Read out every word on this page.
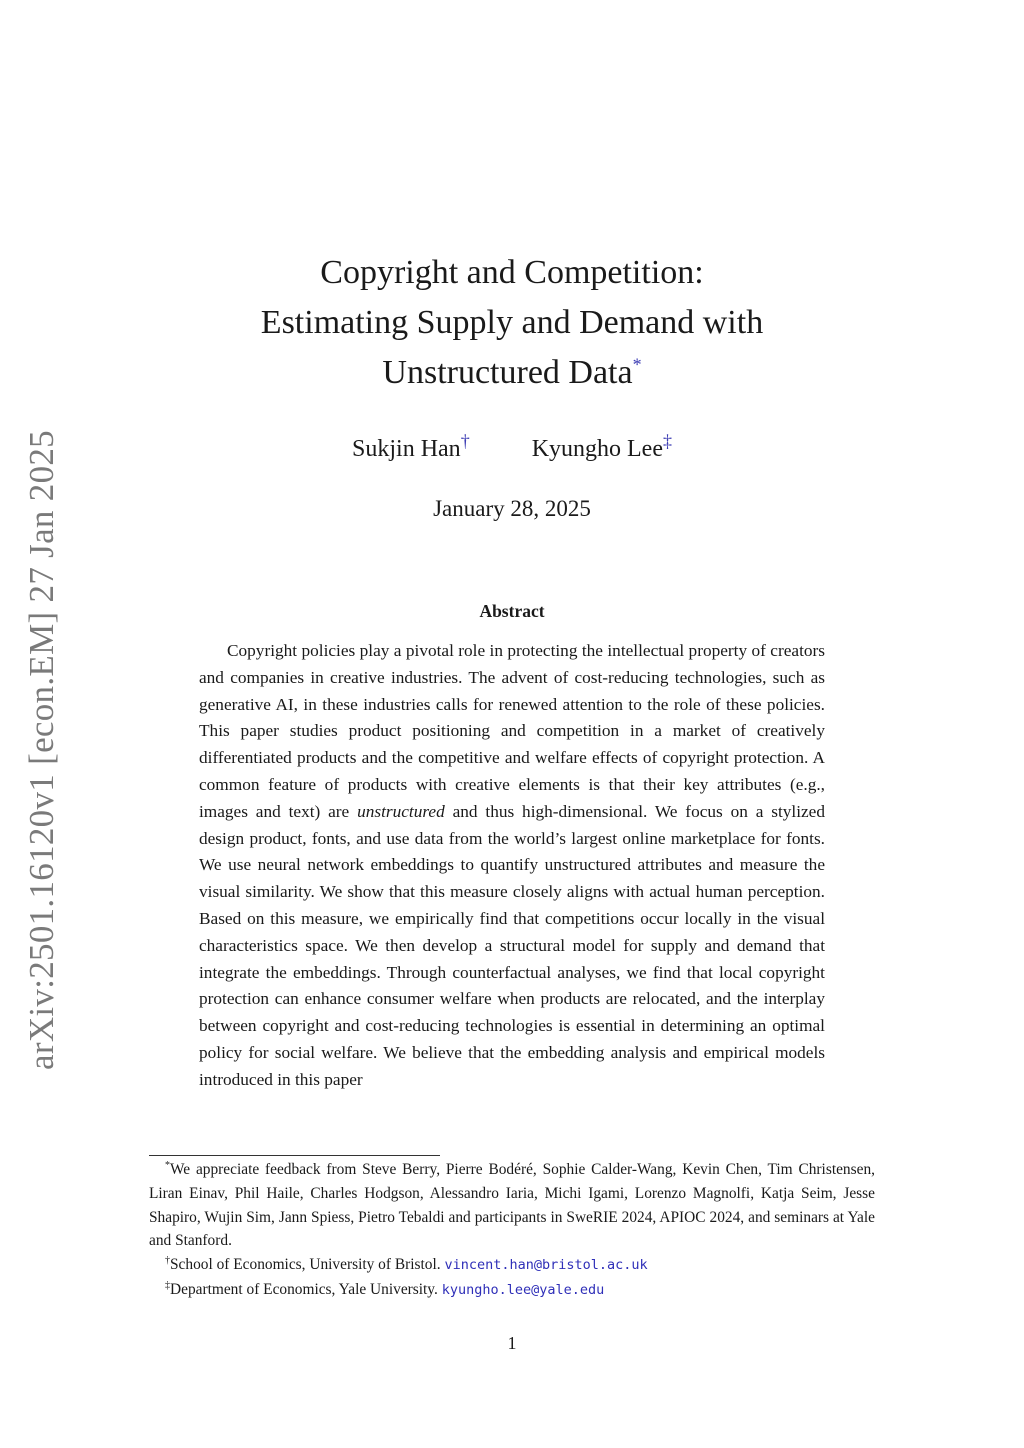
arXiv:2501.16120v1 [econ.EM] 27 Jan 2025
Copyright and Competition:
Estimating Supply and Demand with
Unstructured Data*
Sukjin Han†	Kyungho Lee‡
January 28, 2025
Abstract

Copyright policies play a pivotal role in protecting the intellectual property of creators and companies in creative industries. The advent of cost-reducing technologies, such as generative AI, in these industries calls for renewed attention to the role of these policies. This paper studies product positioning and competition in a market of creatively differentiated products and the competitive and welfare effects of copyright protection. A common feature of products with creative elements is that their key attributes (e.g., images and text) are unstructured and thus high-dimensional. We focus on a stylized design product, fonts, and use data from the world’s largest online marketplace for fonts. We use neural network embeddings to quantify unstructured attributes and measure the visual similarity. We show that this measure closely aligns with actual human perception. Based on this measure, we empirically find that competitions occur locally in the visual characteristics space. We then develop a structural model for supply and demand that integrate the embeddings. Through counterfactual analyses, we find that local copyright protection can enhance consumer welfare when products are relocated, and the interplay between copyright and cost-reducing technologies is essential in determining an optimal policy for social welfare. We believe that the embedding analysis and empirical models introduced in this paper

*We appreciate feedback from Steve Berry, Pierre Bodéré, Sophie Calder-Wang, Kevin Chen, Tim Christensen, Liran Einav, Phil Haile, Charles Hodgson, Alessandro Iaria, Michi Igami, Lorenzo Magnolfi, Katja Seim, Jesse Shapiro, Wujin Sim, Jann Spiess, Pietro Tebaldi and participants in SweRIE 2024, APIOC 2024, and seminars at Yale and Stanford.

†School of Economics, University of Bristol. vincent.han@bristol.ac.uk

‡Department of Economics, Yale University. kyungho.lee@yale.edu

1
